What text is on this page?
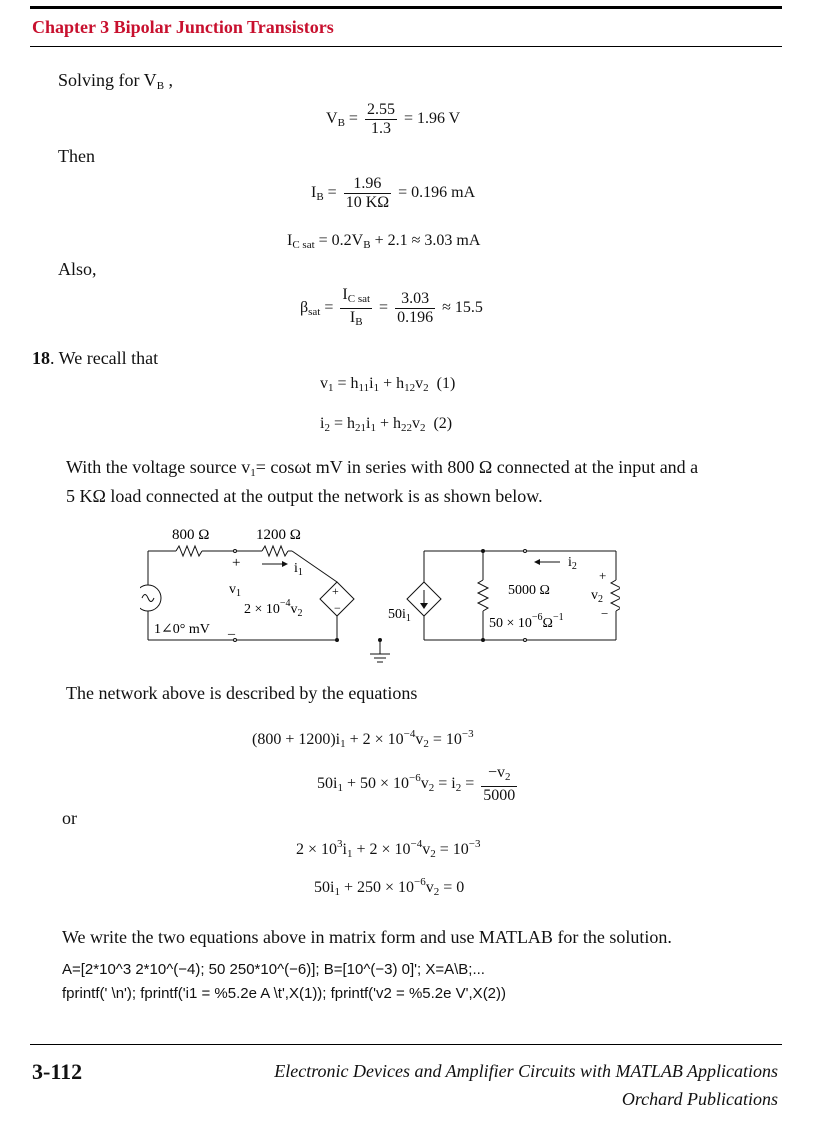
Chapter 3 Bipolar Junction Transistors
Solving for $V_B$ ,
$V_B = \frac{2.55}{1.3} = 1.96$ V
Then
$I_B = \frac{1.96}{10 K\Omega} = 0.196$ mA
$I_{C sat} = 0.2V_B + 2.1 \approx 3.03$ mA
Also,
$\beta_{sat} = \frac{I_{C sat}}{I_B} = \frac{3.03}{0.196} \approx 15.5$
18. We recall that
$v_1 = h_{11}i_1 + h_{12}v_2$ (1)
$i_2 = h_{21}i_1 + h_{22}v_2$ (2)
With the voltage source $v_1= \cos\omega t$ mV in series with 800 Ω connected at the input and a
5 KΩ load connected at the output the network is as shown below.
+
−
800 Ω	1200 Ω
+	$i_1$
$v_1$
$2 \times 10^{-4}v_2$
1∠0° mV _
$50i_1$	$50 \times 10^{-6}\Omega^{-1}$
$i_2$
+
$v_2$
−
5000 Ω
The network above is described by the equations
$(800 + 1200)i_1 + 2 \times 10^{-4}v_2 = 10^{-3}$
$50i_1 + 50 \times 10^{-6}v_2 = i_2 = \frac{-v_2}{5000}$
or
$2 \times 10^3i_1 + 2 \times 10^{-4}v_2 = 10^{-3}$
$50i_1 + 250 \times 10^{-6}v_2 = 0$
We write the two equations above in matrix form and use MATLAB for the solution.
A=[2*10^3 2*10^(−4); 50 250*10^(−6)]; B=[10^(−3) 0]'; X=A\B;...
fprintf(' \n'); fprintf('i1 = %5.2e A \t',X(1)); fprintf('v2 = %5.2e V',X(2))
3-112	Electronic Devices and Amplifier Circuits with MATLAB Applications
Orchard Publications
